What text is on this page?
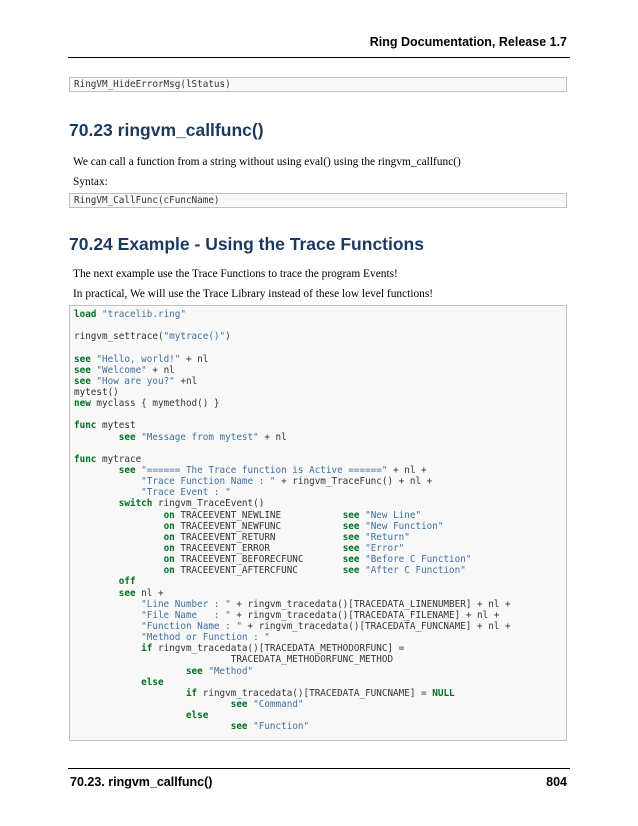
Ring Documentation, Release 1.7
RingVM_HideErrorMsg(lStatus)
70.23 ringvm_callfunc()

We can call a function from a string without using eval() using the ringvm_callfunc()

Syntax:

RingVM_CallFunc(cFuncName)
70.24 Example - Using the Trace Functions

The next example use the Trace Functions to trace the program Events!

In practical, We will use the Trace Library instead of these low level functions!

load "tracelib.ring"
ringvm_settrace("mytrace()")
see "Hello, world!" + nl
see "Welcome" + nl
see "How are you?" +nl
mytest()
new myclass { mymethod() }
func mytest
see "Message from mytest" + nl
func mytrace
see "====== The Trace function is Active ======" + nl +
"Trace Function Name : " + ringvm_TraceFunc() + nl +
"Trace Event : "
switch ringvm_TraceEvent()
on TRACEEVENT_NEWLINE           see "New Line"
on TRACEEVENT_NEWFUNC           see "New Function"
on TRACEEVENT_RETURN            see "Return"
on TRACEEVENT_ERROR             see "Error"
on TRACEEVENT_BEFORECFUNC       see "Before C Function"
on TRACEEVENT_AFTERCFUNC        see "After C Function"
off
see nl +
"Line Number : " + ringvm_tracedata()[TRACEDATA_LINENUMBER] + nl +
"File Name   : " + ringvm_tracedata()[TRACEDATA_FILENAME] + nl +
"Function Name : " + ringvm_tracedata()[TRACEDATA_FUNCNAME] + nl +
"Method or Function : "
if ringvm_tracedata()[TRACEDATA_METHODORFUNC] =
TRACEDATA_METHODORFUNC_METHOD
see "Method"
else
if ringvm_tracedata()[TRACEDATA_FUNCNAME] = NULL
see "Command"
else
see "Function"
70.23. ringvm_callfunc()	804
